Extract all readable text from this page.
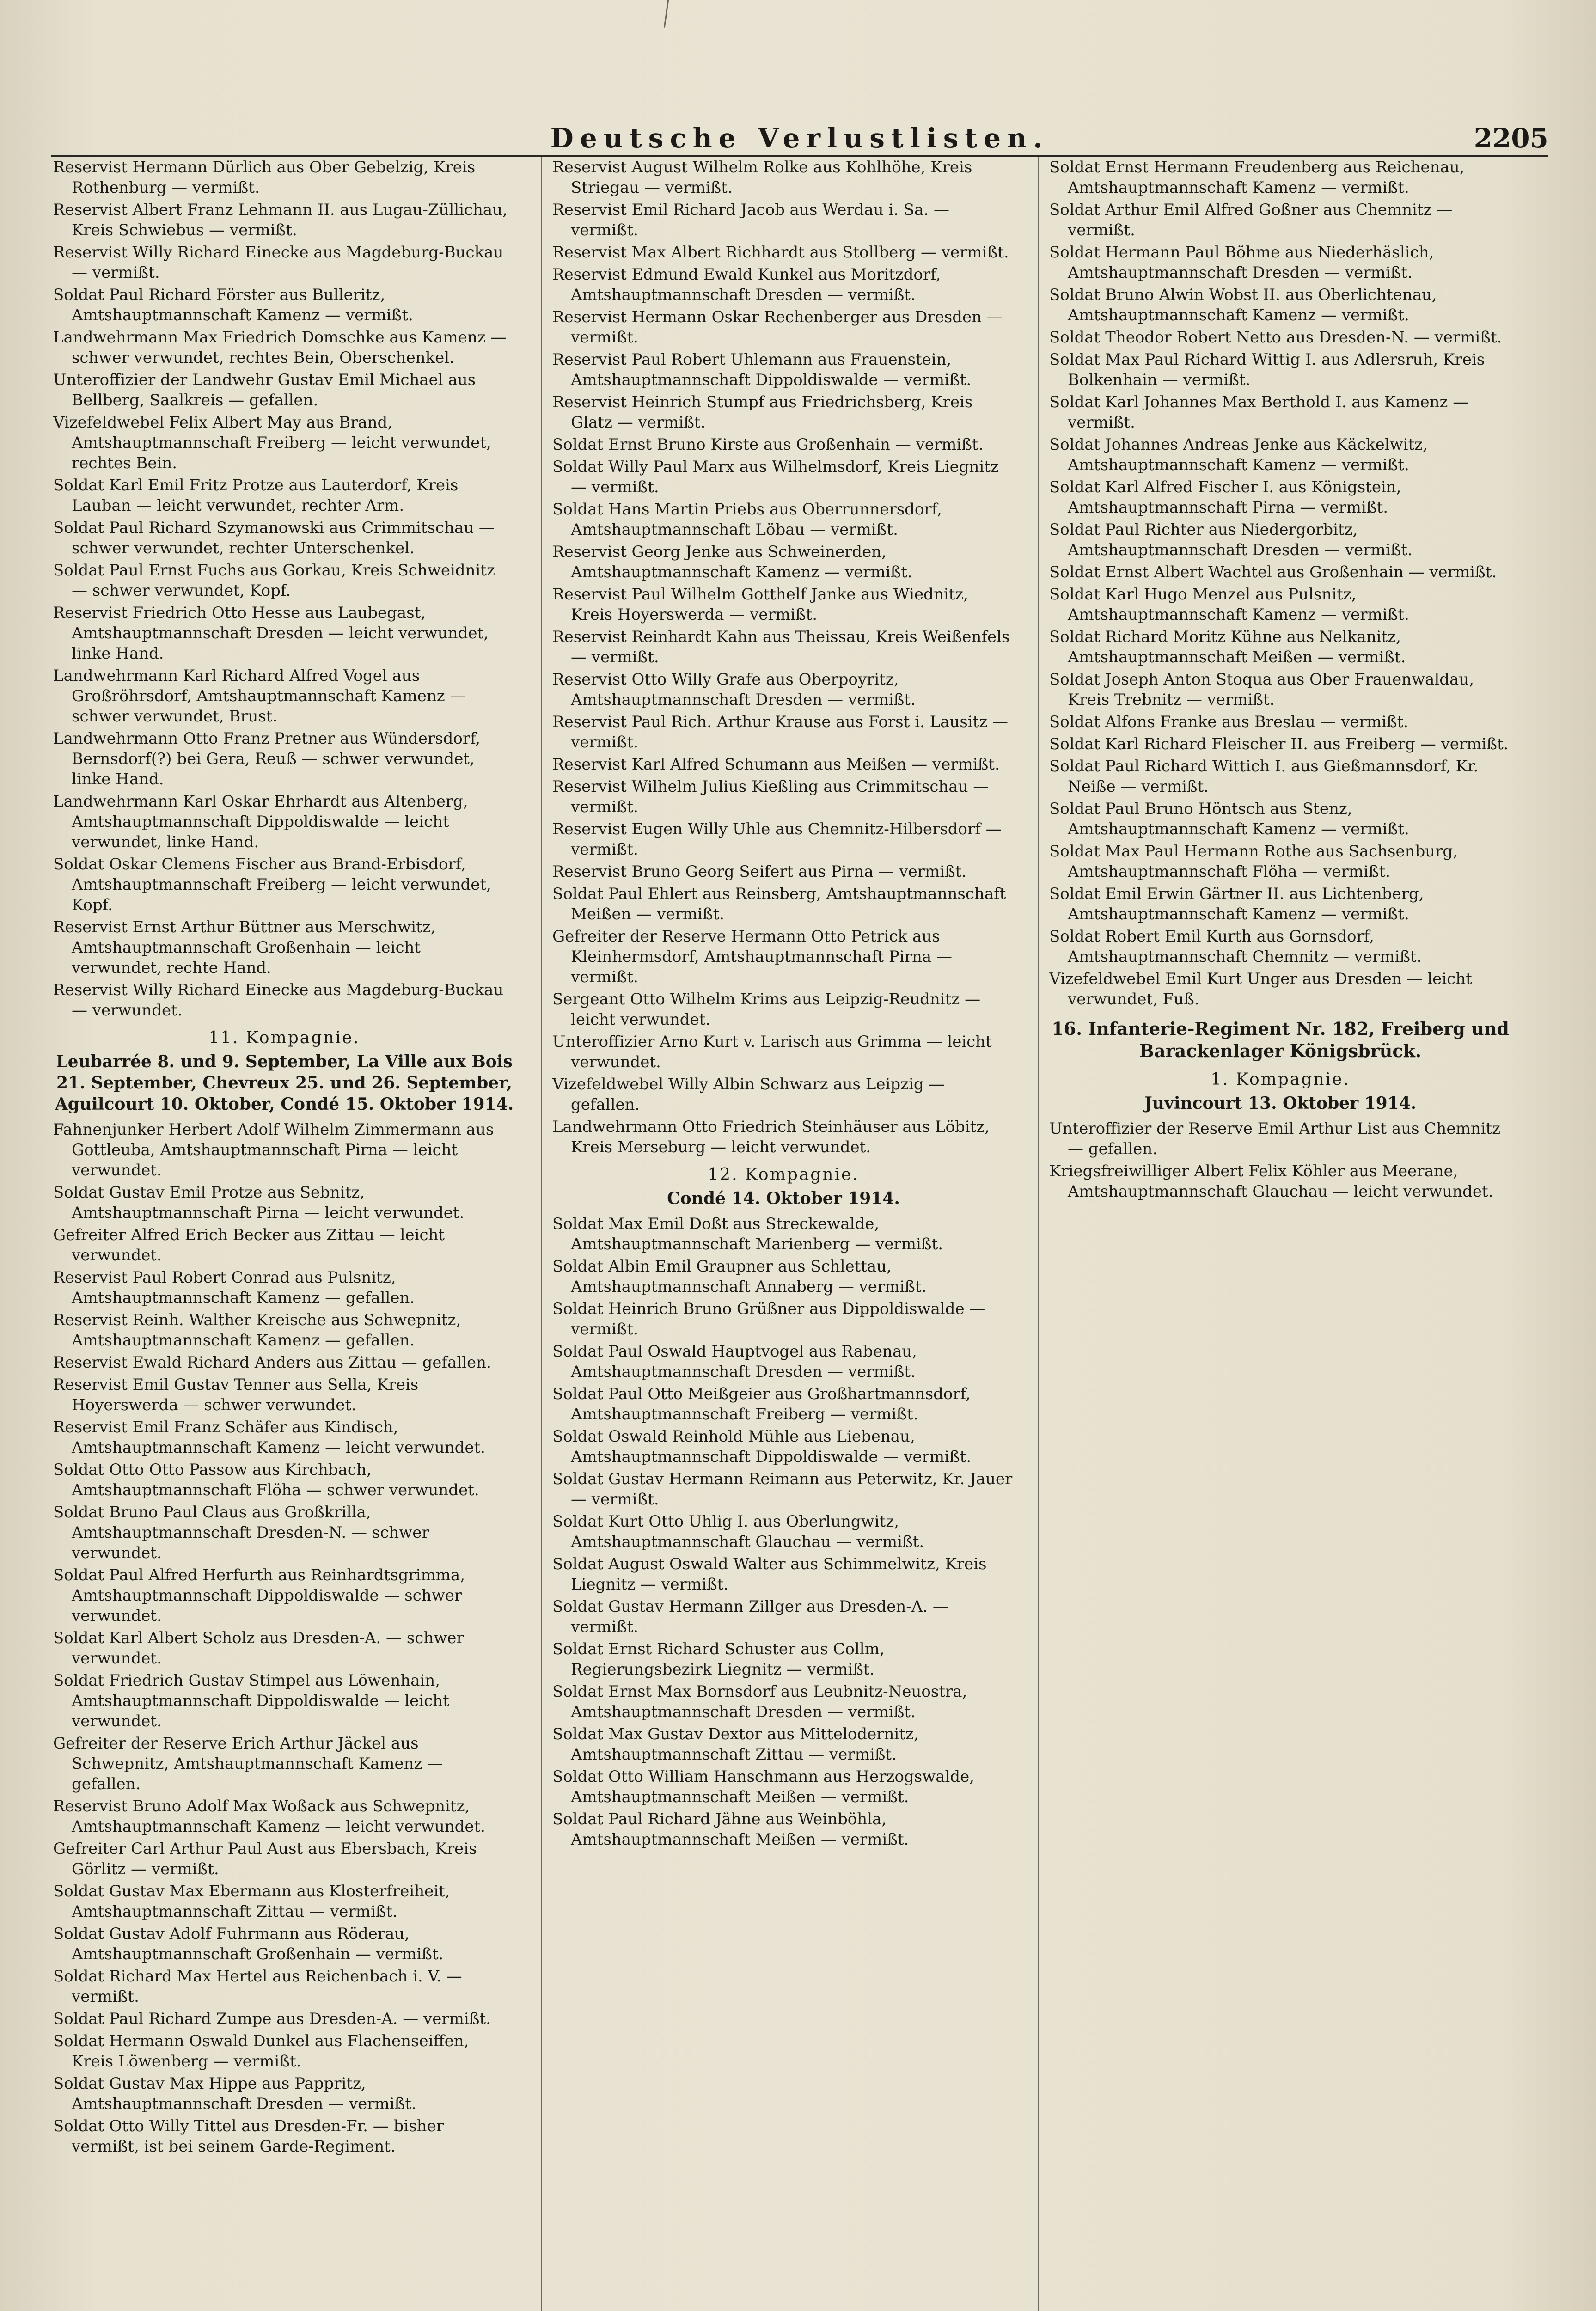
Deutsche Verlustlisten.	2205

Reservist Hermann Dürlich aus Ober Gebelzig, Kreis Rothenburg — vermißt.

Reservist Albert Franz Lehmann II. aus Lugau-Züllichau, Kreis Schwiebus — vermißt.

Reservist Willy Richard Einecke aus Magdeburg-Buckau — vermißt.

Soldat Paul Richard Förster aus Bulleritz, Amtshauptmannschaft Kamenz — vermißt.

Landwehrmann Max Friedrich Domschke aus Kamenz — schwer verwundet, rechtes Bein, Oberschenkel.

Unteroffizier der Landwehr Gustav Emil Michael aus Bellberg, Saalkreis — gefallen.

Vizefeldwebel Felix Albert May aus Brand, Amtshauptmannschaft Freiberg — leicht verwundet, rechtes Bein.

Soldat Karl Emil Fritz Protze aus Lauterdorf, Kreis Lauban — leicht verwundet, rechter Arm.

Soldat Paul Richard Szymanowski aus Crimmitschau — schwer verwundet, rechter Unterschenkel.

Soldat Paul Ernst Fuchs aus Gorkau, Kreis Schweidnitz — schwer verwundet, Kopf.

Reservist Friedrich Otto Hesse aus Laubegast, Amtshauptmannschaft Dresden — leicht verwundet, linke Hand.

Landwehrmann Karl Richard Alfred Vogel aus Großröhrsdorf, Amtshauptmannschaft Kamenz — schwer verwundet, Brust.

Landwehrmann Otto Franz Pretner aus Wündersdorf, Bernsdorf(?) bei Gera, Reuß — schwer verwundet, linke Hand.

Landwehrmann Karl Oskar Ehrhardt aus Altenberg, Amtshauptmannschaft Dippoldiswalde — leicht verwundet, linke Hand.

Soldat Oskar Clemens Fischer aus Brand-Erbisdorf, Amtshauptmannschaft Freiberg — leicht verwundet, Kopf.

Reservist Ernst Arthur Büttner aus Merschwitz, Amtshauptmannschaft Großenhain — leicht verwundet, rechte Hand.

Reservist Willy Richard Einecke aus Magdeburg-Buckau — verwundet.

11. Kompagnie.
Leubarrée 8. und 9. September, La Ville aux Bois 21. September, Chevreux 25. und 26. September, Aguilcourt 10. Oktober, Condé 15. Oktober 1914.

Fahnenjunker Herbert Adolf Wilhelm Zimmermann aus Gottleuba, Amtshauptmannschaft Pirna — leicht verwundet.

Soldat Gustav Emil Protze aus Sebnitz, Amtshauptmannschaft Pirna — leicht verwundet.

Gefreiter Alfred Erich Becker aus Zittau — leicht verwundet.

Reservist Paul Robert Conrad aus Pulsnitz, Amtshauptmannschaft Kamenz — gefallen.

Reservist Reinh. Walther Kreische aus Schwepnitz, Amtshauptmannschaft Kamenz — gefallen.

Reservist Ewald Richard Anders aus Zittau — gefallen.

Reservist Emil Gustav Tenner aus Sella, Kreis Hoyerswerda — schwer verwundet.

Reservist Emil Franz Schäfer aus Kindisch, Amtshauptmannschaft Kamenz — leicht verwundet.

Soldat Otto Otto Passow aus Kirchbach, Amtshauptmannschaft Flöha — schwer verwundet.

Soldat Bruno Paul Claus aus Großkrilla, Amtshauptmannschaft Dresden-N. — schwer verwundet.

Soldat Paul Alfred Herfurth aus Reinhardtsgrimma, Amtshauptmannschaft Dippoldiswalde — schwer verwundet.

Soldat Karl Albert Scholz aus Dresden-A. — schwer verwundet.

Soldat Friedrich Gustav Stimpel aus Löwenhain, Amtshauptmannschaft Dippoldiswalde — leicht verwundet.

Gefreiter der Reserve Erich Arthur Jäckel aus Schwepnitz, Amtshauptmannschaft Kamenz — gefallen.

Reservist Bruno Adolf Max Woßack aus Schwepnitz, Amtshauptmannschaft Kamenz — leicht verwundet.

Gefreiter Carl Arthur Paul Aust aus Ebersbach, Kreis Görlitz — vermißt.

Soldat Gustav Max Ebermann aus Klosterfreiheit, Amtshauptmannschaft Zittau — vermißt.

Soldat Gustav Adolf Fuhrmann aus Röderau, Amtshauptmannschaft Großenhain — vermißt.

Soldat Richard Max Hertel aus Reichenbach i. V. — vermißt.

Soldat Paul Richard Zumpe aus Dresden-A. — vermißt.

Soldat Hermann Oswald Dunkel aus Flachenseiffen, Kreis Löwenberg — vermißt.

Soldat Gustav Max Hippe aus Pappritz, Amtshauptmannschaft Dresden — vermißt.

Soldat Otto Willy Tittel aus Dresden-Fr. — bisher vermißt, ist bei seinem Garde-Regiment.

Reservist August Wilhelm Rolke aus Kohlhöhe, Kreis Striegau — vermißt.

Reservist Emil Richard Jacob aus Werdau i. Sa. — vermißt.

Reservist Max Albert Richhardt aus Stollberg — vermißt.

Reservist Edmund Ewald Kunkel aus Moritzdorf, Amtshauptmannschaft Dresden — vermißt.

Reservist Hermann Oskar Rechenberger aus Dresden — vermißt.

Reservist Paul Robert Uhlemann aus Frauenstein, Amtshauptmannschaft Dippoldiswalde — vermißt.

Reservist Heinrich Stumpf aus Friedrichsberg, Kreis Glatz — vermißt.

Soldat Ernst Bruno Kirste aus Großenhain — vermißt.

Soldat Willy Paul Marx aus Wilhelmsdorf, Kreis Liegnitz — vermißt.

Soldat Hans Martin Priebs aus Oberrunnersdorf, Amtshauptmannschaft Löbau — vermißt.

Reservist Georg Jenke aus Schweinerden, Amtshauptmannschaft Kamenz — vermißt.

Reservist Paul Wilhelm Gotthelf Janke aus Wiednitz, Kreis Hoyerswerda — vermißt.

Reservist Reinhardt Kahn aus Theissau, Kreis Weißenfels — vermißt.

Reservist Otto Willy Grafe aus Oberpoyritz, Amtshauptmannschaft Dresden — vermißt.

Reservist Paul Rich. Arthur Krause aus Forst i. Lausitz — vermißt.

Reservist Karl Alfred Schumann aus Meißen — vermißt.

Reservist Wilhelm Julius Kießling aus Crimmitschau — vermißt.

Reservist Eugen Willy Uhle aus Chemnitz-Hilbersdorf — vermißt.

Reservist Bruno Georg Seifert aus Pirna — vermißt.

Soldat Paul Ehlert aus Reinsberg, Amtshauptmannschaft Meißen — vermißt.

Gefreiter der Reserve Hermann Otto Petrick aus Kleinhermsdorf, Amtshauptmannschaft Pirna — vermißt.

Sergeant Otto Wilhelm Krims aus Leipzig-Reudnitz — leicht verwundet.

Unteroffizier Arno Kurt v. Larisch aus Grimma — leicht verwundet.

Vizefeldwebel Willy Albin Schwarz aus Leipzig — gefallen.

Landwehrmann Otto Friedrich Steinhäuser aus Löbitz, Kreis Merseburg — leicht verwundet.

12. Kompagnie.
Condé 14. Oktober 1914.

Soldat Max Emil Doßt aus Streckewalde, Amtshauptmannschaft Marienberg — vermißt.

Soldat Albin Emil Graupner aus Schlettau, Amtshauptmannschaft Annaberg — vermißt.

Soldat Heinrich Bruno Grüßner aus Dippoldiswalde — vermißt.

Soldat Paul Oswald Hauptvogel aus Rabenau, Amtshauptmannschaft Dresden — vermißt.

Soldat Paul Otto Meißgeier aus Großhartmannsdorf, Amtshauptmannschaft Freiberg — vermißt.

Soldat Oswald Reinhold Mühle aus Liebenau, Amtshauptmannschaft Dippoldiswalde — vermißt.

Soldat Gustav Hermann Reimann aus Peterwitz, Kr. Jauer — vermißt.

Soldat Kurt Otto Uhlig I. aus Oberlungwitz, Amtshauptmannschaft Glauchau — vermißt.

Soldat August Oswald Walter aus Schimmelwitz, Kreis Liegnitz — vermißt.

Soldat Gustav Hermann Zillger aus Dresden-A. — vermißt.

Soldat Ernst Richard Schuster aus Collm, Regierungsbezirk Liegnitz — vermißt.

Soldat Ernst Max Bornsdorf aus Leubnitz-Neuostra, Amtshauptmannschaft Dresden — vermißt.

Soldat Max Gustav Dextor aus Mittelodernitz, Amtshauptmannschaft Zittau — vermißt.

Soldat Otto William Hanschmann aus Herzogswalde, Amtshauptmannschaft Meißen — vermißt.

Soldat Paul Richard Jähne aus Weinböhla, Amtshauptmannschaft Meißen — vermißt.

Soldat Ernst Hermann Freudenberg aus Reichenau, Amtshauptmannschaft Kamenz — vermißt.

Soldat Arthur Emil Alfred Goßner aus Chemnitz — vermißt.

Soldat Hermann Paul Böhme aus Niederhäslich, Amtshauptmannschaft Dresden — vermißt.

Soldat Bruno Alwin Wobst II. aus Oberlichtenau, Amtshauptmannschaft Kamenz — vermißt.

Soldat Theodor Robert Netto aus Dresden-N. — vermißt.

Soldat Max Paul Richard Wittig I. aus Adlersruh, Kreis Bolkenhain — vermißt.

Soldat Karl Johannes Max Berthold I. aus Kamenz — vermißt.

Soldat Johannes Andreas Jenke aus Käckelwitz, Amtshauptmannschaft Kamenz — vermißt.

Soldat Karl Alfred Fischer I. aus Königstein, Amtshauptmannschaft Pirna — vermißt.

Soldat Paul Richter aus Niedergorbitz, Amtshauptmannschaft Dresden — vermißt.

Soldat Ernst Albert Wachtel aus Großenhain — vermißt.

Soldat Karl Hugo Menzel aus Pulsnitz, Amtshauptmannschaft Kamenz — vermißt.

Soldat Richard Moritz Kühne aus Nelkanitz, Amtshauptmannschaft Meißen — vermißt.

Soldat Joseph Anton Stoqua aus Ober Frauenwaldau, Kreis Trebnitz — vermißt.

Soldat Alfons Franke aus Breslau — vermißt.

Soldat Karl Richard Fleischer II. aus Freiberg — vermißt.

Soldat Paul Richard Wittich I. aus Gießmannsdorf, Kr. Neiße — vermißt.

Soldat Paul Bruno Höntsch aus Stenz, Amtshauptmannschaft Kamenz — vermißt.

Soldat Max Paul Hermann Rothe aus Sachsenburg, Amtshauptmannschaft Flöha — vermißt.

Soldat Emil Erwin Gärtner II. aus Lichtenberg, Amtshauptmannschaft Kamenz — vermißt.

Soldat Robert Emil Kurth aus Gornsdorf, Amtshauptmannschaft Chemnitz — vermißt.

Vizefeldwebel Emil Kurt Unger aus Dresden — leicht verwundet, Fuß.

16. Infanterie-Regiment Nr. 182, Freiberg und Barackenlager Königsbrück.
1. Kompagnie.
Juvincourt 13. Oktober 1914.

Unteroffizier der Reserve Emil Arthur List aus Chemnitz — gefallen.

Kriegsfreiwilliger Albert Felix Köhler aus Meerane, Amtshauptmannschaft Glauchau — leicht verwundet.
